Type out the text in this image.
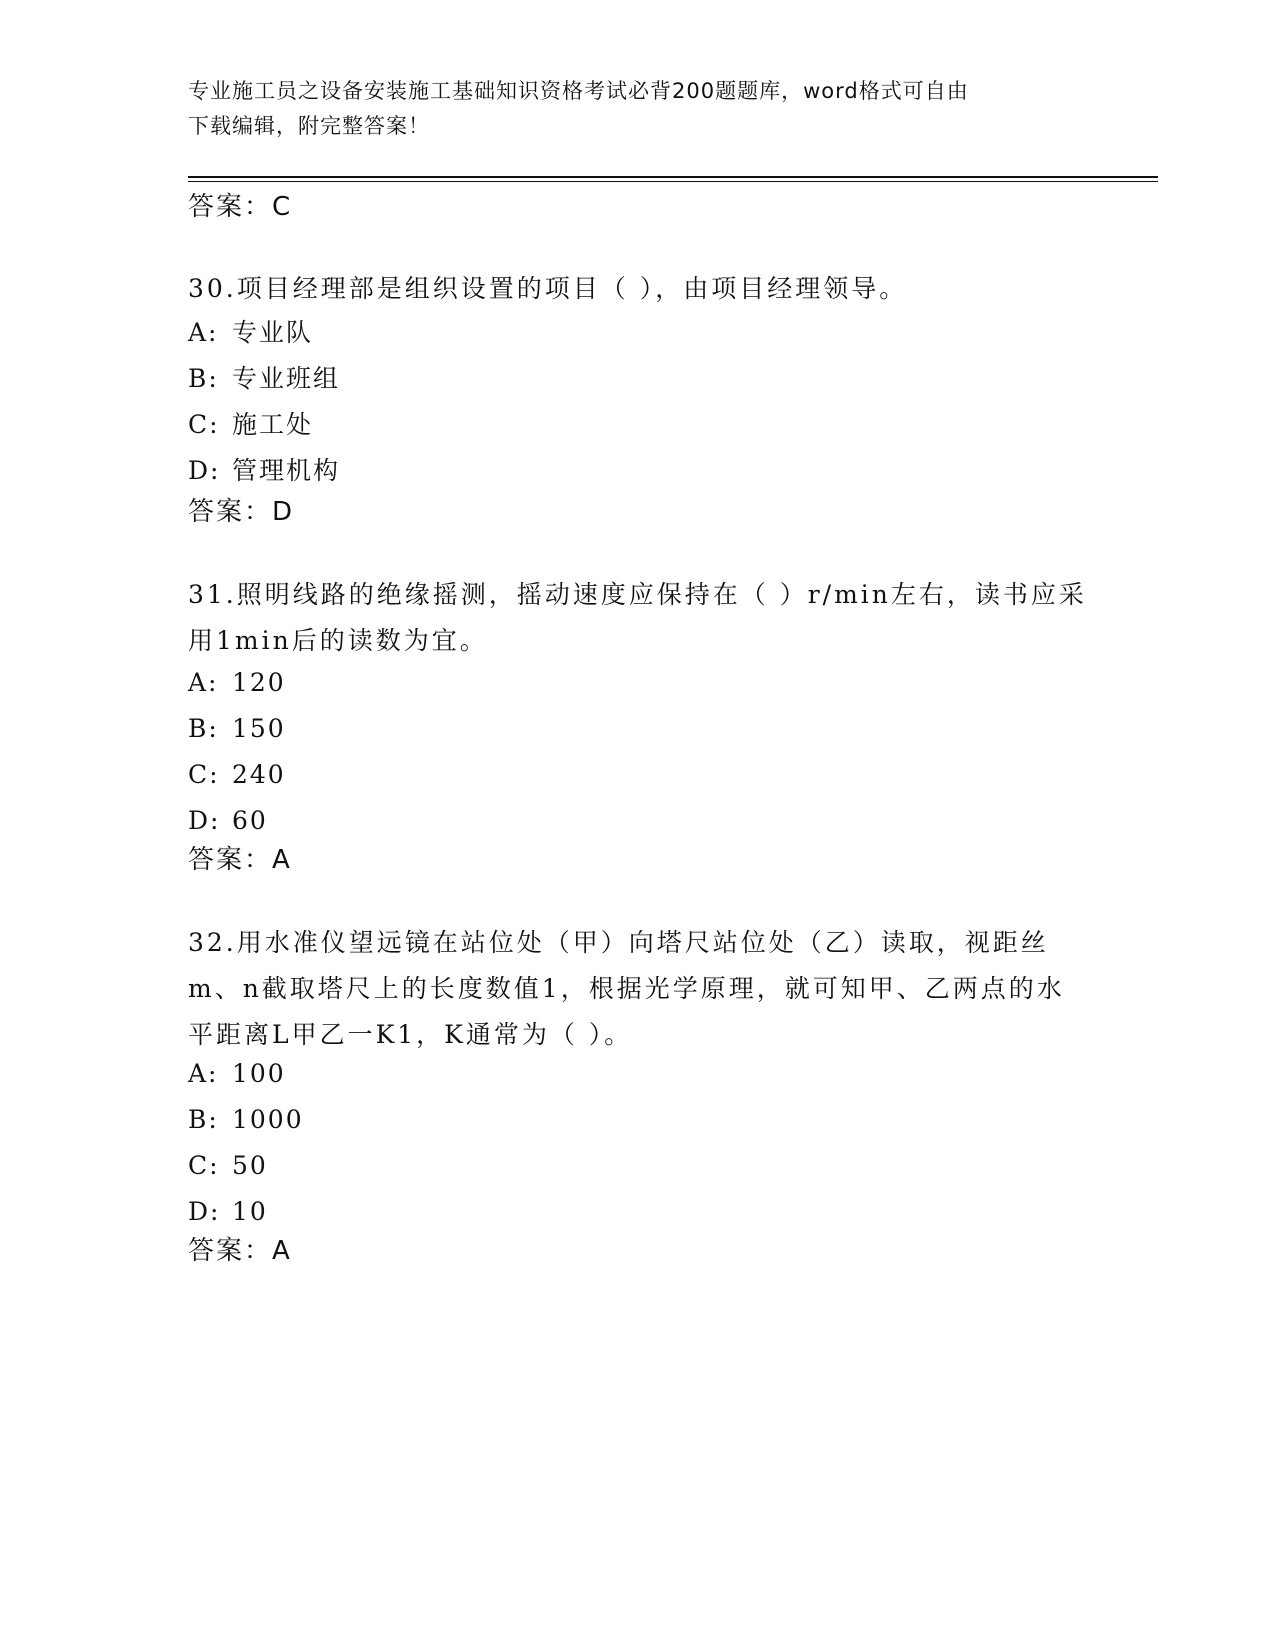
专业施工员之设备安装施工基础知识资格考试必背200题题库，word格式可自由
下载编辑，附完整答案！
答案：C
30.项目经理部是组织设置的项目（ ），由项目经理领导。
A: 专业队
B: 专业班组
C: 施工处
D: 管理机构
答案：D
31.照明线路的绝缘摇测，摇动速度应保持在（ ）r/min左右，读书应采用1min后的读数为宜。
A: 120
B: 150
C: 240
D: 60
答案：A
32.用水准仪望远镜在站位处（甲）向塔尺站位处（乙）读取，视距丝m、n截取塔尺上的长度数值1，根据光学原理，就可知甲、乙两点的水平距离L甲乙一K1，K通常为（ ）。
A: 100
B: 1000
C: 50
D: 10
答案：A
